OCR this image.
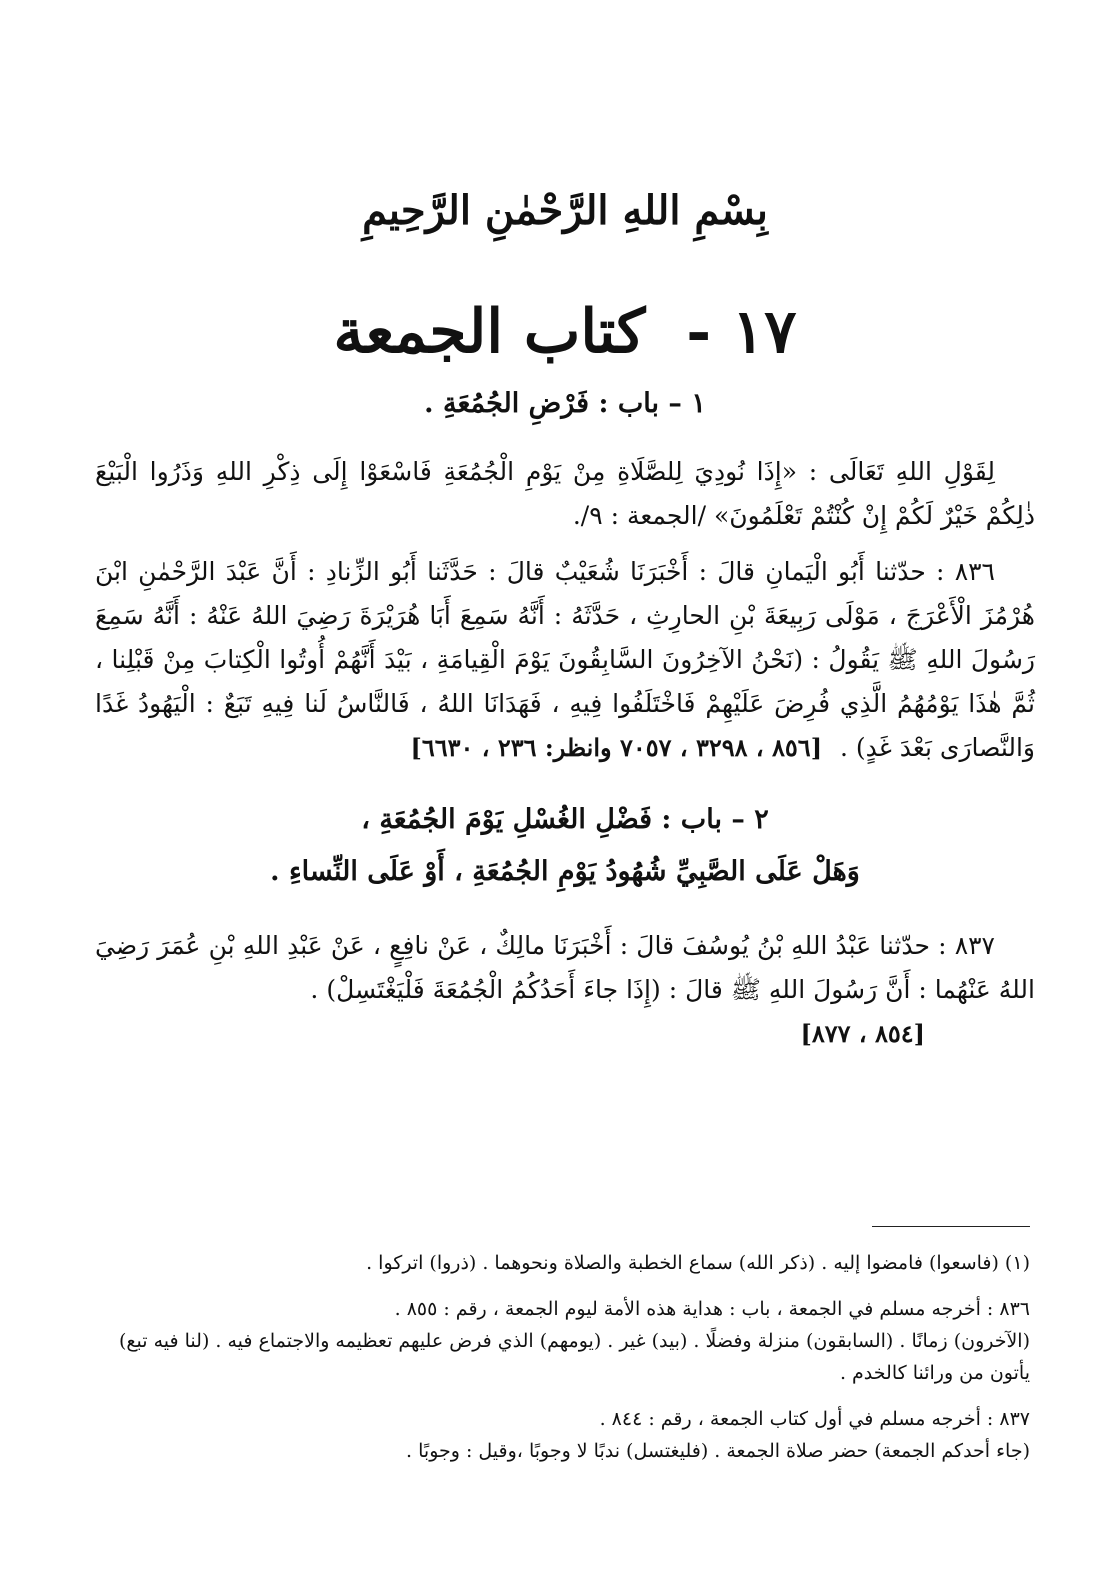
بِسْمِ اللهِ الرَّحْمٰنِ الرَّحِيمِ
١٧ - كتاب الجمعة
١ – باب : فَرْضِ الجُمُعَةِ .

لِقَوْلِ اللهِ تَعَالَى : «إِذَا نُودِيَ لِلصَّلَاةِ مِنْ يَوْمِ الْجُمُعَةِ فَاسْعَوْا إِلَى ذِكْرِ اللهِ وَذَرُوا الْبَيْعَ ذٰلِكُمْ خَيْرٌ لَكُمْ إِنْ كُنْتُمْ تَعْلَمُونَ» /الجمعة : ٩/.

٨٣٦ : حدّثنا أَبُو الْيَمانِ قالَ : أَخْبَرَنَا شُعَيْبٌ قالَ : حَدَّثَنا أَبُو الزِّنادِ : أَنَّ عَبْدَ الرَّحْمٰنِ ابْنَ هُرْمُزَ الْأَعْرَجَ ، مَوْلَى رَبِيعَةَ بْنِ الحارِثِ ، حَدَّثَهُ : أَنَّهُ سَمِعَ أَبَا هُرَيْرَةَ رَضِيَ اللهُ عَنْهُ : أَنَّهُ سَمِعَ رَسُولَ اللهِ ﷺ يَقُولُ : (نَحْنُ الآخِرُونَ السَّابِقُونَ يَوْمَ الْقِيامَةِ ، بَيْدَ أَنَّهُمْ أُوتُوا الْكِتابَ مِنْ قَبْلِنا ، ثُمَّ هٰذَا يَوْمُهُمُ الَّذِي فُرِضَ عَلَيْهِمْ فَاخْتَلَفُوا فِيهِ ، فَهَدَانَا اللهُ ، فَالنَّاسُ لَنا فِيهِ تَبَعٌ : الْيَهُودُ غَدًا وَالنَّصارَى بَعْدَ غَدٍ) . [٨٥٦ ، ٣٢٩٨ ، ٧٠٥٧ وانظر: ٢٣٦ ، ٦٦٣٠]

٢ – باب : فَضْلِ الغُسْلِ يَوْمَ الجُمُعَةِ ،
وَهَلْ عَلَى الصَّبِيِّ شُهُودُ يَوْمِ الجُمُعَةِ ، أَوْ عَلَى النِّساءِ .

٨٣٧ : حدّثنا عَبْدُ اللهِ بْنُ يُوسُفَ قالَ : أَخْبَرَنَا مالِكٌ ، عَنْ نافِعٍ ، عَنْ عَبْدِ اللهِ بْنِ عُمَرَ رَضِيَ اللهُ عَنْهُما : أَنَّ رَسُولَ اللهِ ﷺ قالَ : (إِذَا جاءَ أَحَدُكُمُ الْجُمُعَةَ فَلْيَغْتَسِلْ) .

[٨٥٤ ، ٨٧٧]

(١) (فاسعوا) فامضوا إليه . (ذكر الله) سماع الخطبة والصلاة ونحوهما . (ذروا) اتركوا .

٨٣٦ : أخرجه مسلم في الجمعة ، باب : هداية هذه الأمة ليوم الجمعة ، رقم : ٨٥٥ .
(الآخرون) زمانًا . (السابقون) منزلة وفضلًا . (بيد) غير . (يومهم) الذي فرض عليهم تعظيمه والاجتماع فيه . (لنا فيه تبع) يأتون من ورائنا كالخدم .
٨٣٧ : أخرجه مسلم في أول كتاب الجمعة ، رقم : ٨٤٤ .
(جاء أحدكم الجمعة) حضر صلاة الجمعة . (فليغتسل) ندبًا لا وجوبًا ،وقيل : وجوبًا .
